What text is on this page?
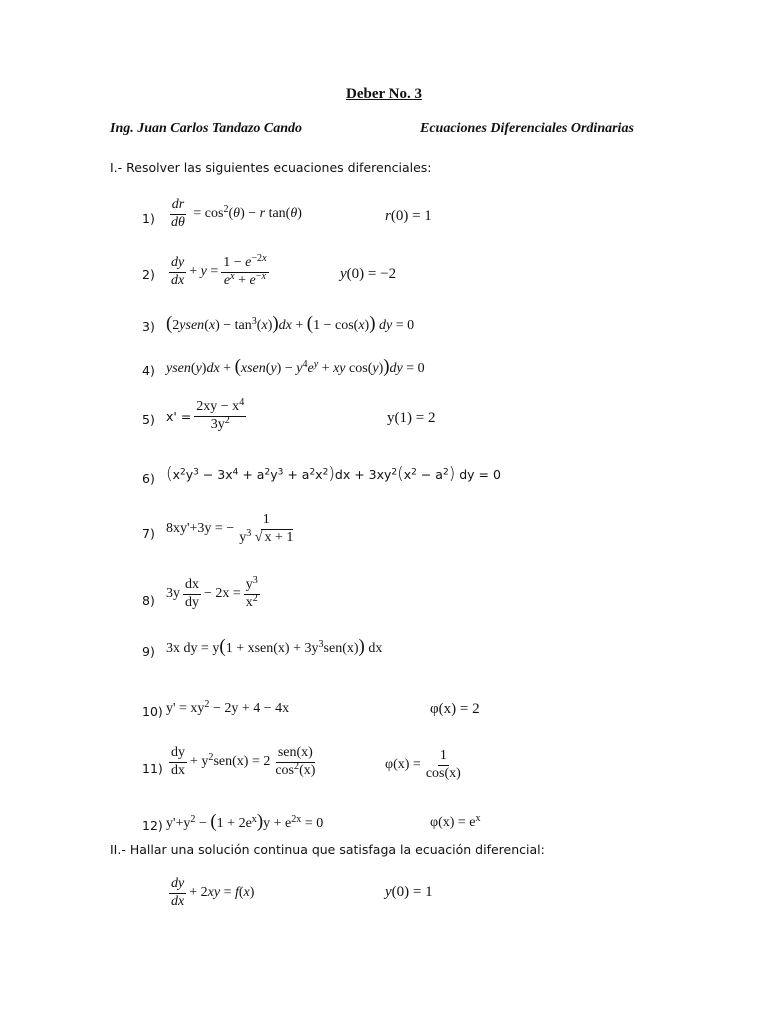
Deber No. 3
Ing. Juan Carlos Tandazo Cando	Ecuaciones Diferenciales Ordinarias
I.- Resolver las siguientes ecuaciones diferenciales:
$1) \frac{dr}{d\theta} = \cos^2(\theta) - r$ tan(θ)	r(0) = 1
$2) \frac{dy}{dx} + y = \frac{1 - e^{-2x}}{e^x + e^{-x}}$	y(0) = −2
3) (2ysen(x) − $\tan^3(x))dx + (1 - \cos(x))$ dy = 0
4) ysen(y)dx + (xsen(y) − $y^4e^y$ + xy cos(y))dy = 0
5) $x' = \frac{2xy - x^4}{3y^2}$	y(1) = 2
6) $(x^2y^3 - 3x^4 + a^2y^3 + a^2x^2)dx + 3xy^2(x^2 - a^2)$ dy = 0
7) 8xy'+3y = − $\frac{1}{y^3 √ x + 1}$
8) $3y \frac{dx}{dy} - 2x = \frac{y^3}{x^2}$
9) 3x dy = y(1 + xsen(x) + $3y^3sen(x)$) dx
10) $y' = xy^2 - 2y + 4 - 4x$	φ(x) = 2
$11) \frac{dy}{dx} + y^2sen(x) = 2 \frac{\text{sen(x)}}{\cos^2(x)}$	$\varphi(x) = \frac{1}{\cos(x)}$
12) $y'+y^2 - (1 + 2e^x)y + e^{2x} = 0$	$\varphi(x) = e^x$
II.- Hallar una solución continua que satisfaga la ecuación diferencial:
$\frac{dy}{dx} + 2xy = f(x)$	y(0) = 1
